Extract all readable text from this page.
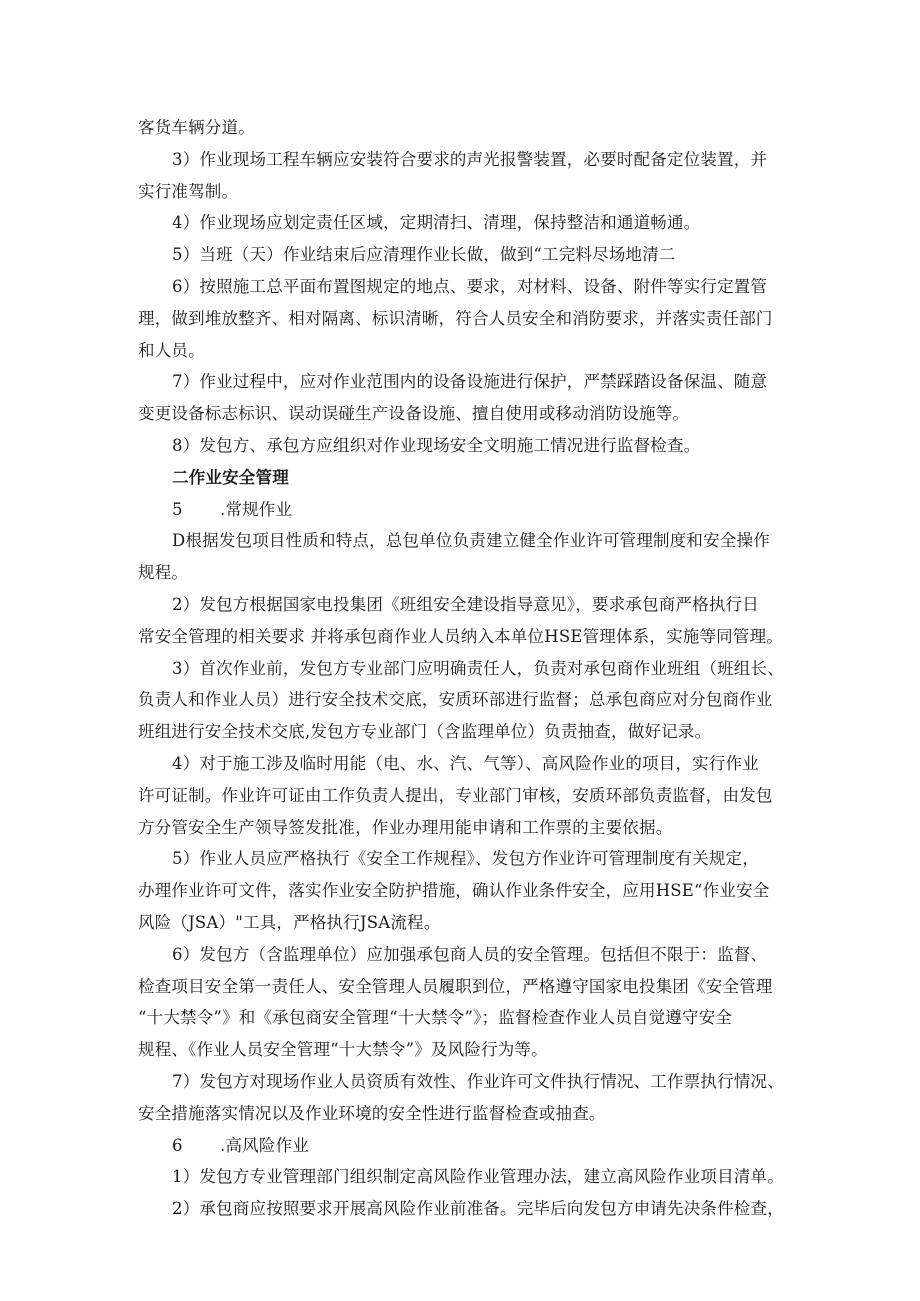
客货车辆分道。
3）作业现场工程车辆应安装符合要求的声光报警装置，必要时配备定位装置，并
实行准驾制。
4）作业现场应划定责任区域，定期清扫、清理，保持整洁和通道畅通。
5）当班（天）作业结束后应清理作业长做，做到“工完料尽场地清二
6）按照施工总平面布置图规定的地点、要求，对材料、设备、附件等实行定置管
理，做到堆放整齐、相对隔离、标识清晰，符合人员安全和消防要求，并落实责任部门
和人员。
7）作业过程中，应对作业范围内的设备设施进行保护，严禁踩踏设备保温、随意
变更设备标志标识、误动误碰生产设备设施、擅自使用或移动消防设施等。
8）发包方、承包方应组织对作业现场安全文明施工情况进行监督检查。
二作业安全管理
5 .常规作业
D根据发包项目性质和特点，总包单位负责建立健全作业许可管理制度和安全操作
规程。
2）发包方根据国家电投集团《班组安全建设指导意见》，要求承包商严格执行日
常安全管理的相关要求 并将承包商作业人员纳入本单位HSE管理体系，实施等同管理。
3）首次作业前，发包方专业部门应明确责任人，负责对承包商作业班组（班组长、
负责人和作业人员）进行安全技术交底，安质环部进行监督；总承包商应对分包商作业
班组进行安全技术交底,发包方专业部门（含监理单位）负责抽查，做好记录。
4）对于施工涉及临时用能（电、水、汽、气等）、高风险作业的项目，实行作业
许可证制。作业许可证由工作负责人提出，专业部门审核，安质环部负责监督，由发包
方分管安全生产领导签发批准，作业办理用能申请和工作票的主要依据。
5）作业人员应严格执行《安全工作规程》、发包方作业许可管理制度有关规定，
办理作业许可文件，落实作业安全防护措施，确认作业条件安全，应用HSE“作业安全
风险（JSA）"工具，严格执行JSA流程。
6）发包方（含监理单位）应加强承包商人员的安全管理。包括但不限于：监督、
检查项目安全第一责任人、安全管理人员履职到位，严格遵守国家电投集团《安全管理
“十大禁令”》和《承包商安全管理“十大禁令”》；监督检查作业人员自觉遵守安全
规程、《作业人员安全管理“十大禁令”》及风险行为等。
7）发包方对现场作业人员资质有效性、作业许可文件执行情况、工作票执行情况、
安全措施落实情况以及作业环境的安全性进行监督检查或抽查。
6 .高风险作业
1）发包方专业管理部门组织制定高风险作业管理办法，建立高风险作业项目清单。
2）承包商应按照要求开展高风险作业前准备。完毕后向发包方申请先决条件检查，
